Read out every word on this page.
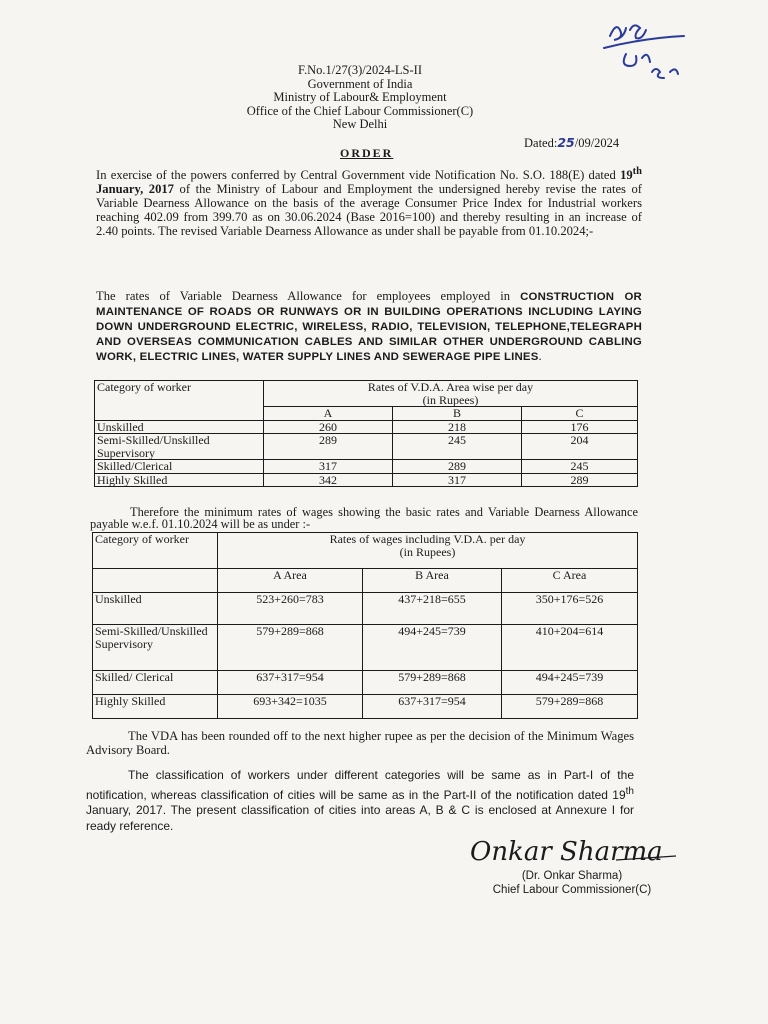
F.No.1/27(3)/2024-LS-II
Government of India
Ministry of Labour& Employment
Office of the Chief Labour Commissioner(C)
New Delhi
Dated:25/09/2024
ORDER
In exercise of the powers conferred by Central Government vide Notification No. S.O. 188(E) dated 19th January, 2017 of the Ministry of Labour and Employment the undersigned hereby revise the rates of Variable Dearness Allowance on the basis of the average Consumer Price Index for Industrial workers reaching 402.09 from 399.70 as on 30.06.2024 (Base 2016=100) and thereby resulting in an increase of 2.40 points. The revised Variable Dearness Allowance as under shall be payable from 01.10.2024;-
The rates of Variable Dearness Allowance for employees employed in CONSTRUCTION OR MAINTENANCE OF ROADS OR RUNWAYS OR IN BUILDING OPERATIONS INCLUDING LAYING DOWN UNDERGROUND ELECTRIC, WIRELESS, RADIO, TELEVISION, TELEPHONE,TELEGRAPH AND OVERSEAS COMMUNICATION CABLES AND SIMILAR OTHER UNDERGROUND CABLING WORK, ELECTRIC LINES, WATER SUPPLY LINES AND SEWERAGE PIPE LINES.
Category of worker	Rates of V.D.A. Area wise per day
(in Rupees)		
	A	B	C
Unskilled	260	218	176
Semi-Skilled/Unskilled Supervisory	289	245	204
Skilled/Clerical	317	289	245
Highly Skilled	342	317	289
Therefore the minimum rates of wages showing the basic rates and Variable Dearness Allowance payable w.e.f. 01.10.2024 will be as under :-
Category of worker	Rates of wages including V.D.A. per day
(in Rupees)		
	A Area	B Area	C Area
Unskilled	523+260=783	437+218=655	350+176=526
Semi-Skilled/Unskilled Supervisory	579+289=868	494+245=739	410+204=614
Skilled/ Clerical	637+317=954	579+289=868	494+245=739
Highly Skilled	693+342=1035	637+317=954	579+289=868
The VDA has been rounded off to the next higher rupee as per the decision of the Minimum Wages Advisory Board.
The classification of workers under different categories will be same as in Part-I of the notification, whereas classification of cities will be same as in the Part-II of the notification dated 19th January, 2017. The present classification of cities into areas A, B & C is enclosed at Annexure I for ready reference.
Onkar Sharma
(Dr. Onkar Sharma)
Chief Labour Commissioner(C)
